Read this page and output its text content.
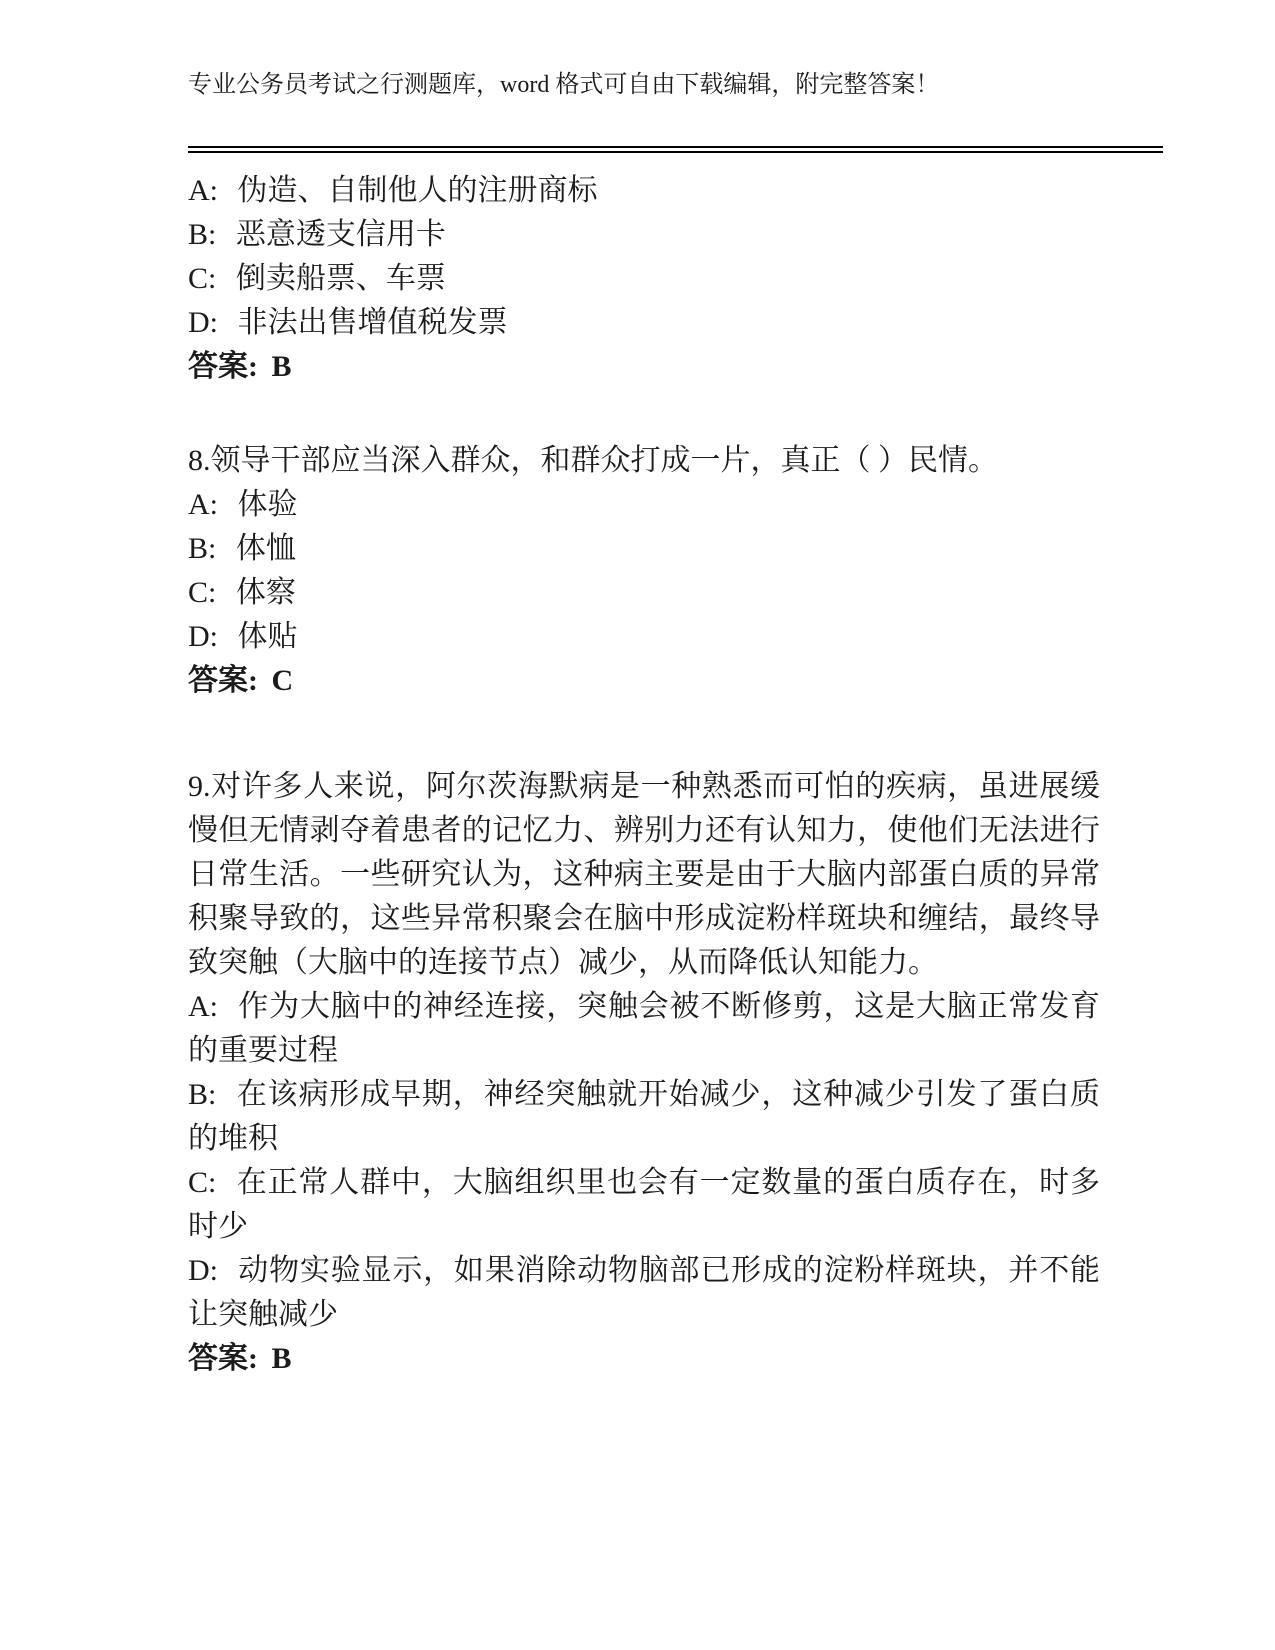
专业公务员考试之行测题库，word 格式可自由下载编辑，附完整答案！

A: 伪造、自制他人的注册商标

B: 恶意透支信用卡

C: 倒卖船票、车票

D: 非法出售增值税发票

答案: B

8.领导干部应当深入群众，和群众打成一片，真正（ ）民情。

A: 体验

B: 体恤

C: 体察

D: 体贴

答案: C

9.对许多人来说，阿尔茨海默病是一种熟悉而可怕的疾病，虽进展缓慢但无情剥夺着患者的记忆力、辨别力还有认知力，使他们无法进行日常生活。一些研究认为，这种病主要是由于大脑内部蛋白质的异常积聚导致的，这些异常积聚会在脑中形成淀粉样斑块和缠结，最终导致突触（大脑中的连接节点）减少，从而降低认知能力。

A: 作为大脑中的神经连接，突触会被不断修剪，这是大脑正常发育的重要过程

B: 在该病形成早期，神经突触就开始减少，这种减少引发了蛋白质的堆积

C: 在正常人群中，大脑组织里也会有一定数量的蛋白质存在，时多时少

D: 动物实验显示，如果消除动物脑部已形成的淀粉样斑块，并不能让突触减少

答案: B
